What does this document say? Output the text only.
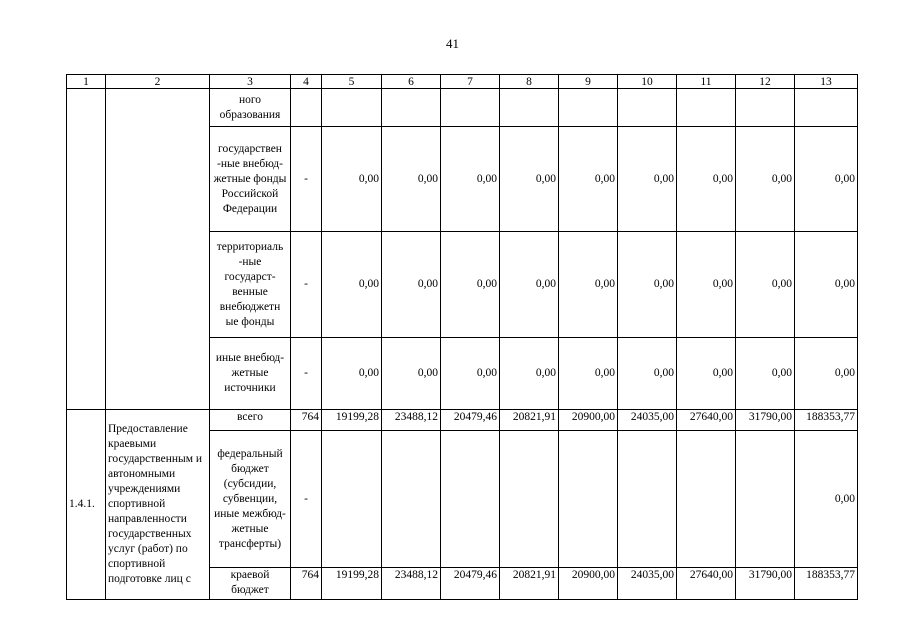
41
1	2	3	4	5	6	7	8	9	10	11	12	13
		ного образования										
		государствен -ные внебюд-жетные фонды Российской Федерации	-	0,00	0,00	0,00	0,00	0,00	0,00	0,00	0,00	0,00
		территориаль -ные государст-венные внебюджетн ые фонды	-	0,00	0,00	0,00	0,00	0,00	0,00	0,00	0,00	0,00
		иные внебюд-жетные источники	-	0,00	0,00	0,00	0,00	0,00	0,00	0,00	0,00	0,00
1.4.1.	Предоставление краевыми государственным и автономными учреждениями спортивной направленности государственных услуг (работ) по спортивной подготовке лиц с	всего	764	19199,28	23488,12	20479,46	20821,91	20900,00	24035,00	27640,00	31790,00	188353,77
		федеральный бюджет (субсидии, субвенции, иные межбюд-жетные трансферты)	-									0,00
		краевой бюджет	764	19199,28	23488,12	20479,46	20821,91	20900,00	24035,00	27640,00	31790,00	188353,77
